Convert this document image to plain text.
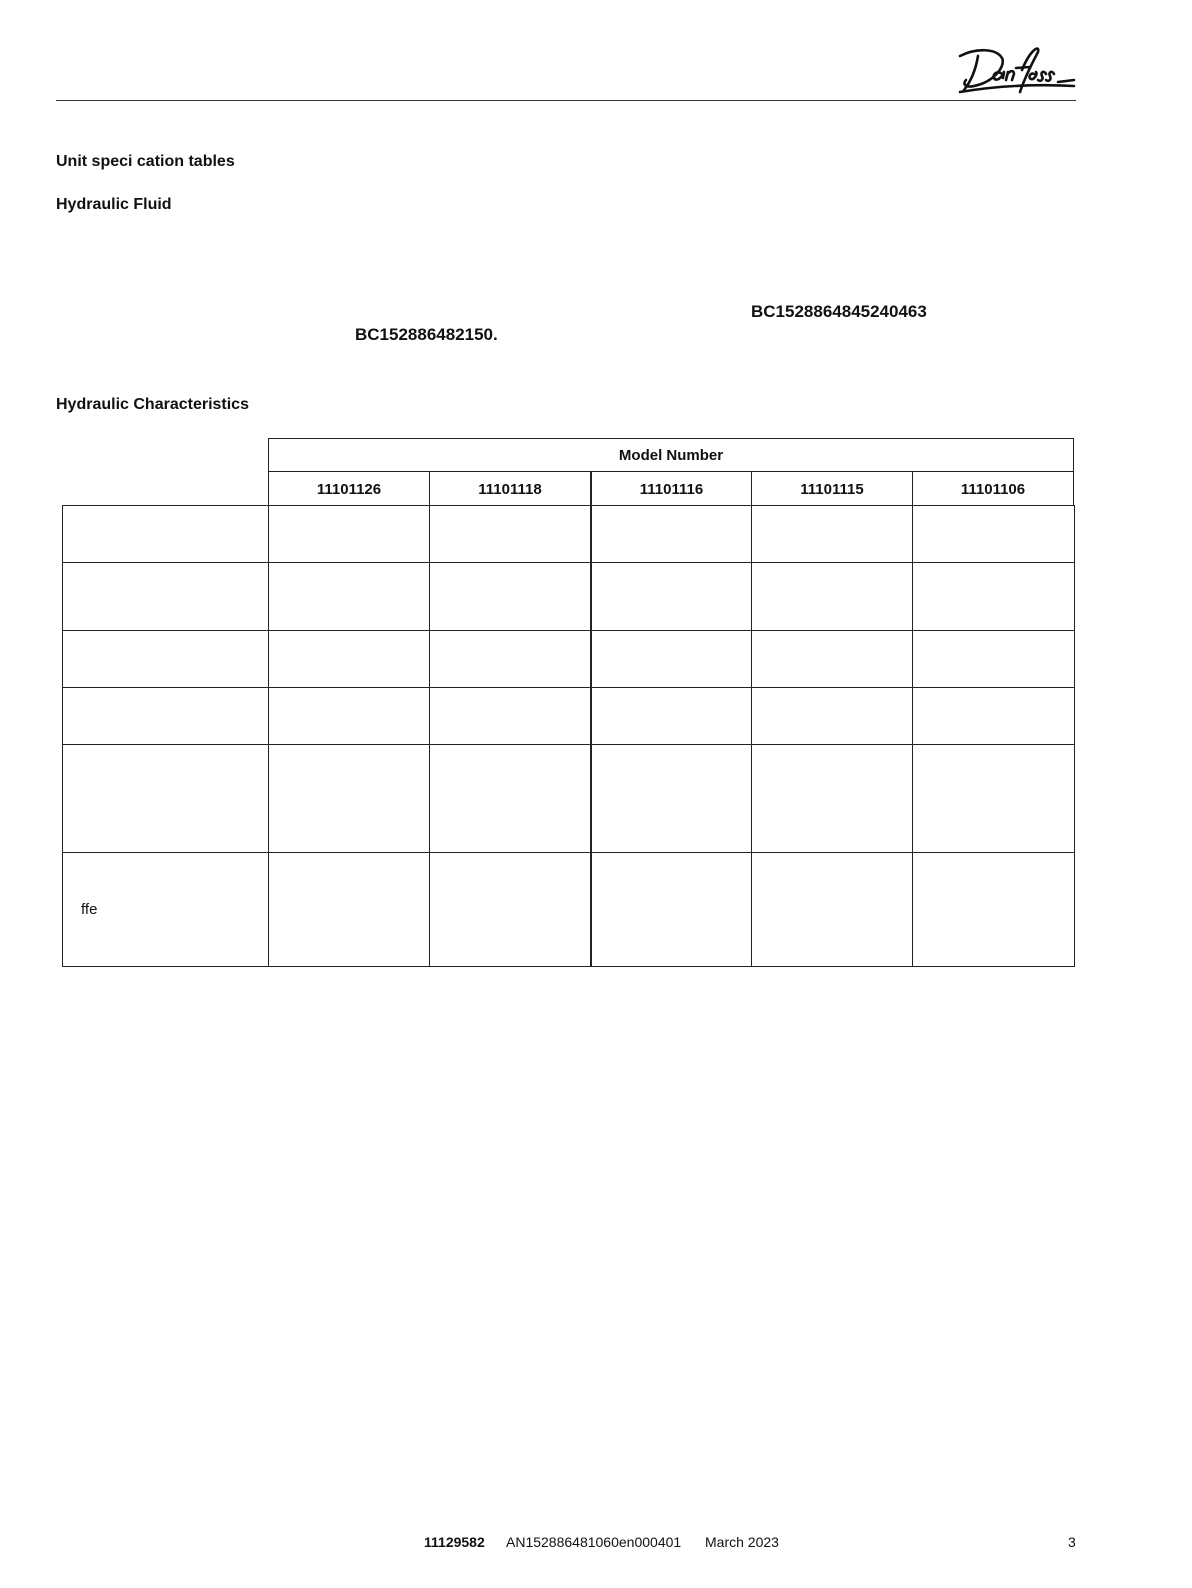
Unit speci cation tables
Hydraulic Fluid
BC1528864845240463
BC152886482150.
Hydraulic Characteristics
Model Number
11101126	11101118	11101116	11101115	11101106

ffe					
11129582 AN152886481060en000401 March 2023	3
